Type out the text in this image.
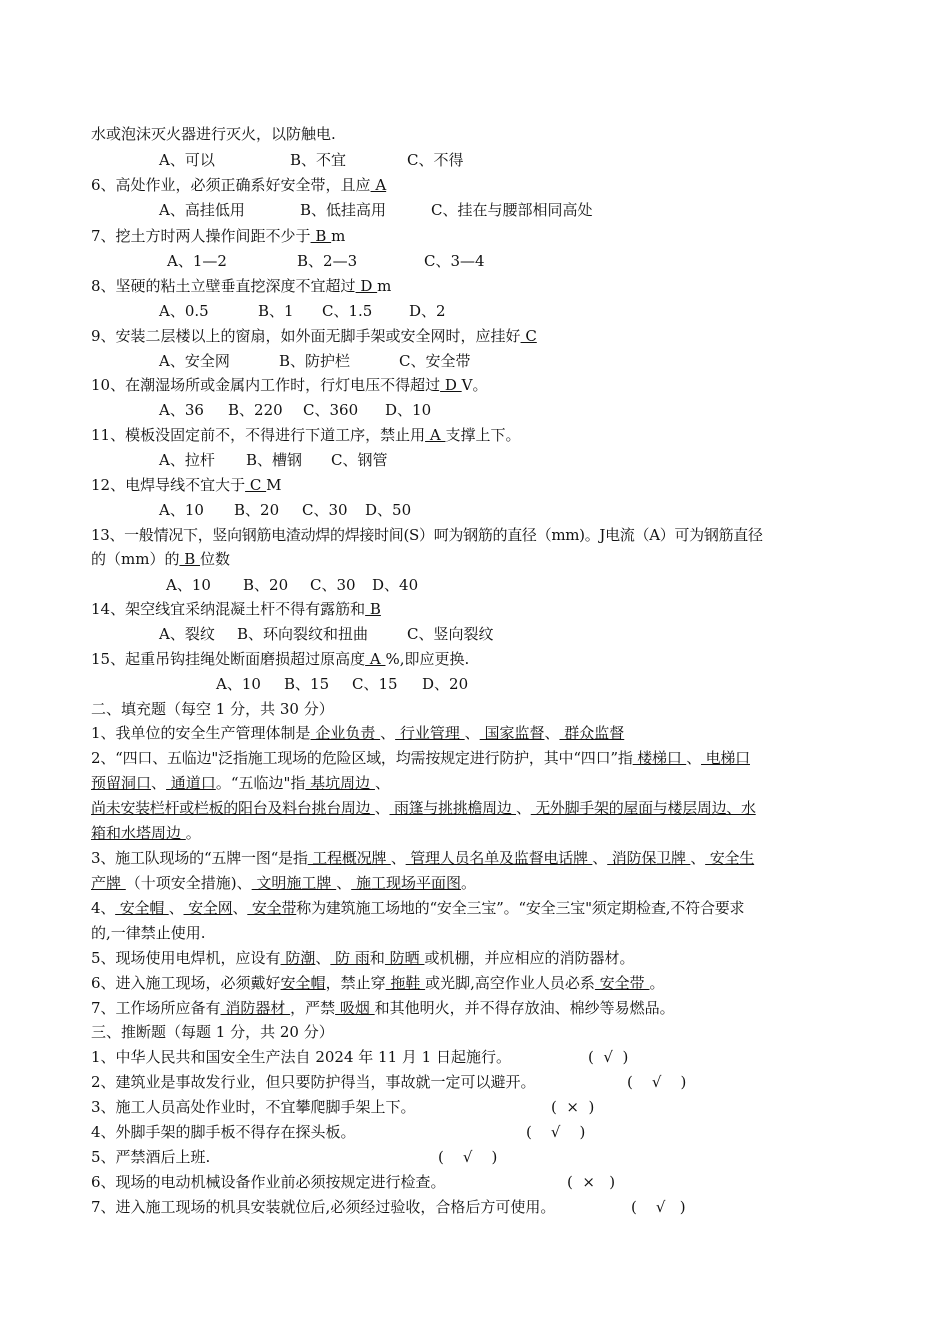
水或泡沫灭火器进行灭火，以防触电.
A、可以	B、不宜	C、不得
6、高处作业，必须正确系好安全带，且应 A
A、高挂低用	B、低挂高用	C、挂在与腰部相同高处
7、挖土方时两人操作间距不少于 B m
A、1—2	B、2—3	C、3—4
8、坚硬的粘土立壁垂直挖深度不宜超过 D m
A、0.5	B、1 C、1.5 D、2
9、安装二层楼以上的窗扇，如外面无脚手架或安全网时，应挂好 C
A、安全网	B、防护栏	C、安全带
10、在潮湿场所或金属内工作时，行灯电压不得超过 D V。
A、36 B、220 C、360 D、10
11、模板没固定前不，不得进行下道工序，禁止用 A 支撑上下。
A、拉杆 B、槽钢 C、钢管
12、电焊导线不宜大于 C M
A、10 B、20 C、30 D、50
13、一般情况下，竖向钢筋电渣动焊的焊接时间(S）呵为钢筋的直径（mm)。J电流（A）可为钢筋直径
的（mm）的 B 位数
A、10 B、20 C、30 D、40
14、架空线宜采纳混凝土杆不得有露筋和 B
A、裂纹 B、环向裂纹和扭曲	C、竖向裂纹
15、起重吊钩挂绳处断面磨损超过原高度 A %,即应更换.
A、10 B、15 C、15 D、20
二、填充题（每空 1 分，共 30 分）
1、我单位的安全生产管理体制是 企业负责 、 行业管理 、 国家监督、 群众监督
2、“四口、五临边"泛指施工现场的危险区域，均需按规定进行防护，其中“四口”指 楼梯口 、 电梯口
预留洞口、 通道口。“五临边"指 基坑周边 、
尚未安装栏杆或栏板的阳台及料台挑台周边 、 雨篷与挑挑檐周边 、 无外脚手架的屋面与楼层周边、水
箱和水塔周边 。
3、施工队现场的“五牌一图“是指 工程概况牌 、 管理人员名单及监督电话牌 、 消防保卫牌 、 安全生
产牌 （十项安全措施)、 文明施工牌 、 施工现场平面图。
4、 安全帽 、 安全网、 安全带称为建筑施工场地的“安全三宝”。“安全三宝"须定期检查,不符合要求
的,一律禁止使用.
5、现场使用电焊机，应设有 防潮、 防 雨和 防晒 或机棚，并应相应的消防器材。
6、进入施工现场，必须戴好安全帽，禁止穿 拖鞋 或光脚,高空作业人员必系 安全带 。
7、工作场所应备有 消防器材 ，严禁 吸烟 和其他明火，并不得存放油、棉纱等易燃品。
三、推断题（每题 1 分，共 20 分）
1、中华人民共和国安全生产法自 2024 年 11 月 1 日起施行。	(  √  )
2、建筑业是事故发行业，但只要防护得当，事故就一定可以避开。	(    √    )
3、施工人员高处作业时，不宜攀爬脚手架上下。	(  ×  )
4、外脚手架的脚手板不得存在探头板。	(    √    )
5、严禁酒后上班.	(    √    )
6、现场的电动机械设备作业前必须按规定进行检查。	(  ×   )
7、进入施工现场的机具安装就位后,必须经过验收，合格后方可使用。	(    √   )
